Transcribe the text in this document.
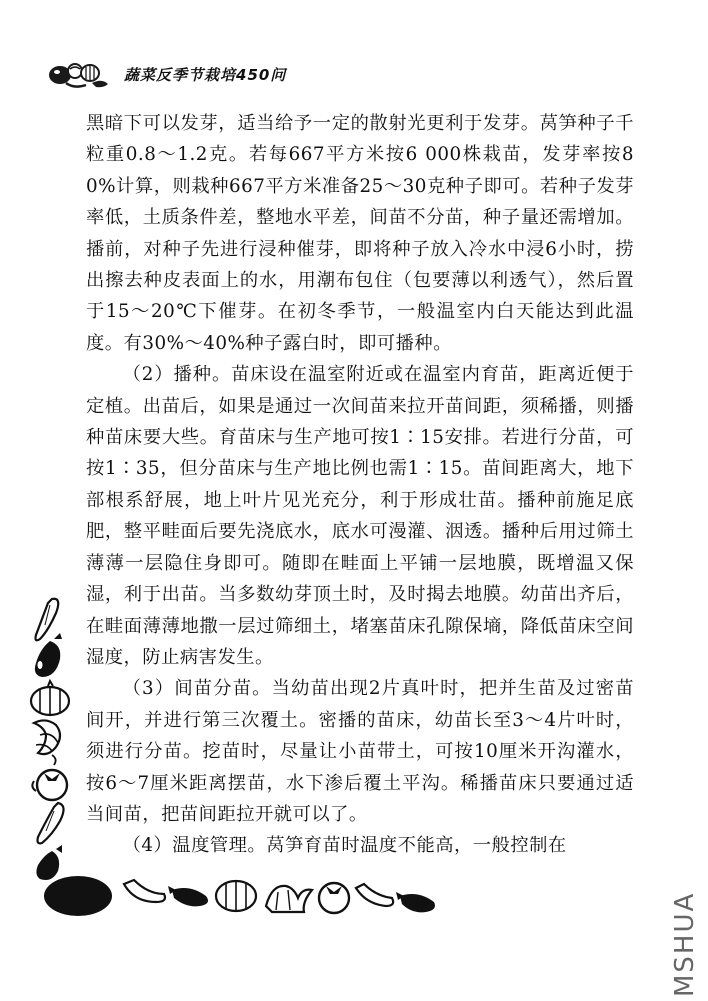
蔬菜反季节栽培450问

黑暗下可以发芽，适当给予一定的散射光更利于发芽。莴笋种子千粒重0.8～1.2克。若每667平方米按6 000株栽苗，发芽率按80%计算，则栽种667平方米准备25～30克种子即可。若种子发芽率低，土质条件差，整地水平差，间苗不分苗，种子量还需增加。播前，对种子先进行浸种催芽，即将种子放入冷水中浸6小时，捞出擦去种皮表面上的水，用潮布包住（包要薄以利透气），然后置于15～20℃下催芽。在初冬季节，一般温室内白天能达到此温度。有30%～40%种子露白时，即可播种。

（2）播种。苗床设在温室附近或在温室内育苗，距离近便于定植。出苗后，如果是通过一次间苗来拉开苗间距，须稀播，则播种苗床要大些。育苗床与生产地可按1∶15安排。若进行分苗，可按1∶35，但分苗床与生产地比例也需1∶15。苗间距离大，地下部根系舒展，地上叶片见光充分，利于形成壮苗。播种前施足底肥，整平畦面后要先浇底水，底水可漫灌、洇透。播种后用过筛土薄薄一层隐住身即可。随即在畦面上平铺一层地膜，既增温又保湿，利于出苗。当多数幼芽顶土时，及时揭去地膜。幼苗出齐后，在畦面薄薄地撒一层过筛细土，堵塞苗床孔隙保墒，降低苗床空间湿度，防止病害发生。

（3）间苗分苗。当幼苗出现2片真叶时，把并生苗及过密苗间开，并进行第三次覆土。密播的苗床，幼苗长至3～4片叶时，须进行分苗。挖苗时，尽量让小苗带土，可按10厘米开沟灌水，按6～7厘米距离摆苗，水下渗后覆土平沟。稀播苗床只要通过适当间苗，把苗间距拉开就可以了。

（4）温度管理。莴笋育苗时温度不能高，一般控制在

MSHUA
